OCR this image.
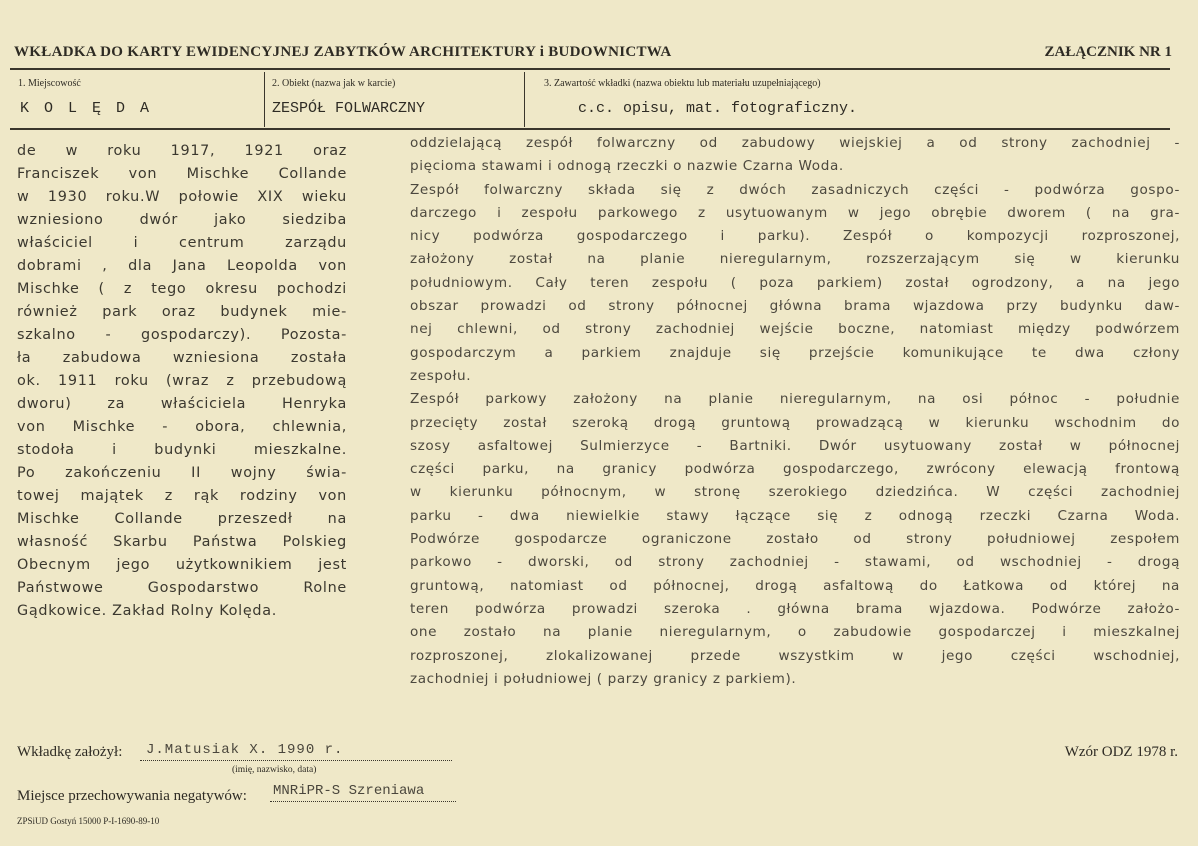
WKŁADKA DO KARTY EWIDENCYJNEJ ZABYTKÓW ARCHITEKTURY i BUDOWNICTWA	ZAŁĄCZNIK NR 1
1. Miejscowość
K O L Ę D A
2. Obiekt (nazwa jak w karcie)
ZESPÓŁ FOLWARCZNY
3. Zawartość wkładki (nazwa obiektu lub materiału uzupełniającego)
c.c. opisu, mat. fotograficzny.
de w roku 1917, 1921 oraz
Franciszek von Mischke Collande
w 1930 roku.W połowie XIX wieku
wzniesiono dwór jako siedziba
właściciel i centrum zarządu
dobrami , dla Jana Leopolda von
Mischke ( z tego okresu pochodzi
również park oraz budynek mie-
szkalno - gospodarczy). Pozosta-
ła zabudowa wzniesiona została
ok. 1911 roku (wraz z przebudową
dworu) za właściciela Henryka
von Mischke - obora, chlewnia,
stodoła i budynki mieszkalne.
Po zakończeniu II wojny świa-
towej majątek z rąk rodziny von
Mischke Collande przeszedł na
własność Skarbu Państwa Polskieg
Obecnym jego użytkownikiem jest
Państwowe Gospodarstwo Rolne
Gądkowice. Zakład Rolny Kolęda.
oddzielającą zespół folwarczny od zabudowy wiejskiej a od strony zachodniej -
pięcioma stawami i odnogą rzeczki o nazwie Czarna Woda.
Zespół folwarczny składa się z dwóch zasadniczych części - podwórza gospo-
darczego i zespołu parkowego z usytuowanym w jego obrębie dworem ( na gra-
nicy podwórza gospodarczego i parku). Zespół o kompozycji rozproszonej,
założony został na planie nieregularnym, rozszerzającym się w kierunku
południowym. Cały teren zespołu ( poza parkiem) został ogrodzony, a na jego
obszar prowadzi od strony północnej główna brama wjazdowa przy budynku daw-
nej chlewni, od strony zachodniej wejście boczne, natomiast między podwórzem
gospodarczym a parkiem znajduje się przejście komunikujące te dwa człony
zespołu.
Zespół parkowy założony na planie nieregularnym, na osi północ - południe
przecięty został szeroką drogą gruntową prowadzącą w kierunku wschodnim do
szosy asfaltowej Sulmierzyce - Bartniki. Dwór usytuowany został w północnej
części parku, na granicy podwórza gospodarczego, zwrócony elewacją frontową
w kierunku północnym, w stronę szerokiego dziedzińca. W części zachodniej
parku - dwa niewielkie stawy łączące się z odnogą rzeczki Czarna Woda.
Podwórze gospodarcze ograniczone zostało od strony południowej zespołem
parkowo - dworski, od strony zachodniej - stawami, od wschodniej - drogą
gruntową, natomiast od północnej, drogą asfaltową do Łatkowa od której na
teren podwórza prowadzi szeroka . główna brama wjazdowa. Podwórze założo-
one zostało na planie nieregularnym, o zabudowie gospodarczej i mieszkalnej
rozproszonej, zlokalizowanej przede wszystkim w jego części wschodniej,
zachodniej i południowej ( parzy granicy z parkiem).
Wkładkę założył: J.Matusiak X. 1990 r.
(imię, nazwisko, data)
Wzór ODZ 1978 r.
Miejsce przechowywania negatywów: MNRiPR-S Szreniawa
ZPSiUD Gostyń 15000 P-I-1690-89-10
